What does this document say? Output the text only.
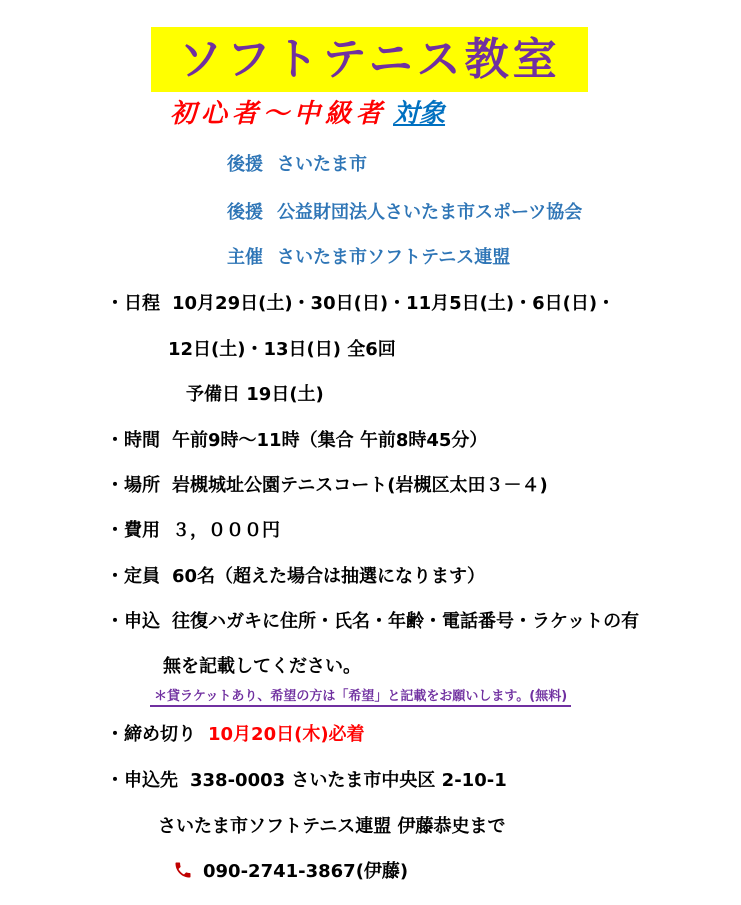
ソフトテニス教室
初心者～中級者 対象
後援 さいたま市
後援 公益財団法人さいたま市スポーツ協会
主催 さいたま市ソフトテニス連盟
・日程 10月29日(土)・30日(日)・11月5日(土)・6日(日)・
12日(土)・13日(日) 全6回
予備日 19日(土)
・時間 午前9時～11時（集合 午前8時45分）
・場所 岩槻城址公園テニスコート(岩槻区太田３－４)
・費用 ３，０００円
・定員 60名（超えた場合は抽選になります）
・申込 往復ハガキに住所・氏名・年齢・電話番号・ラケットの有
無を記載してください。
＊貸ラケットあり、希望の方は「希望」と記載をお願いします。(無料)
・締め切り 10月20日(木)必着
・申込先 338-0003 さいたま市中央区 2-10-1
さいたま市ソフトテニス連盟 伊藤恭史まで
090-2741-3867(伊藤)
